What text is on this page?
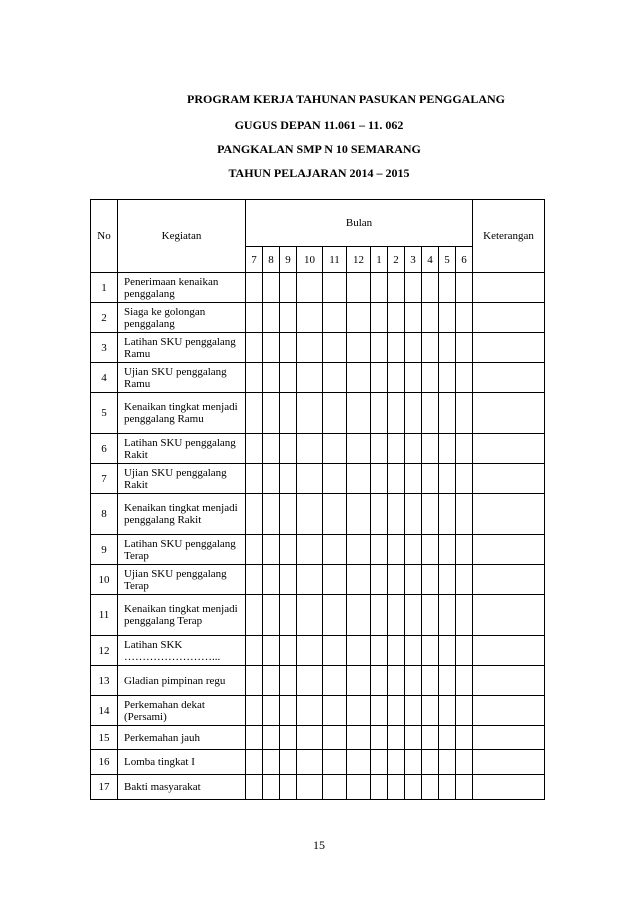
PROGRAM KERJA TAHUNAN PASUKAN PENGGALANG
GUGUS DEPAN 11.061 – 11. 062
PANGKALAN SMP N 10 SEMARANG
TAHUN PELAJARAN 2014 – 2015
No	Kegiatan	Bulan												Keterangan
		7	8	9	10	11	12	1	2	3	4	5	6	
1	Penerimaan kenaikan penggalang													
2	Siaga ke golongan penggalang													
3	Latihan SKU penggalang Ramu													
4	Ujian SKU penggalang Ramu													
5	Kenaikan tingkat menjadi penggalang Ramu													
6	Latihan SKU penggalang Rakit													
7	Ujian SKU penggalang Rakit													
8	Kenaikan tingkat menjadi penggalang Rakit													
9	Latihan SKU penggalang Terap													
10	Ujian SKU penggalang Terap													
11	Kenaikan tingkat menjadi penggalang Terap													
12	Latihan SKK ……………………...													
13	Gladian pimpinan regu													
14	Perkemahan dekat (Persami)													
15	Perkemahan jauh													
16	Lomba tingkat I													
17	Bakti masyarakat													
15
